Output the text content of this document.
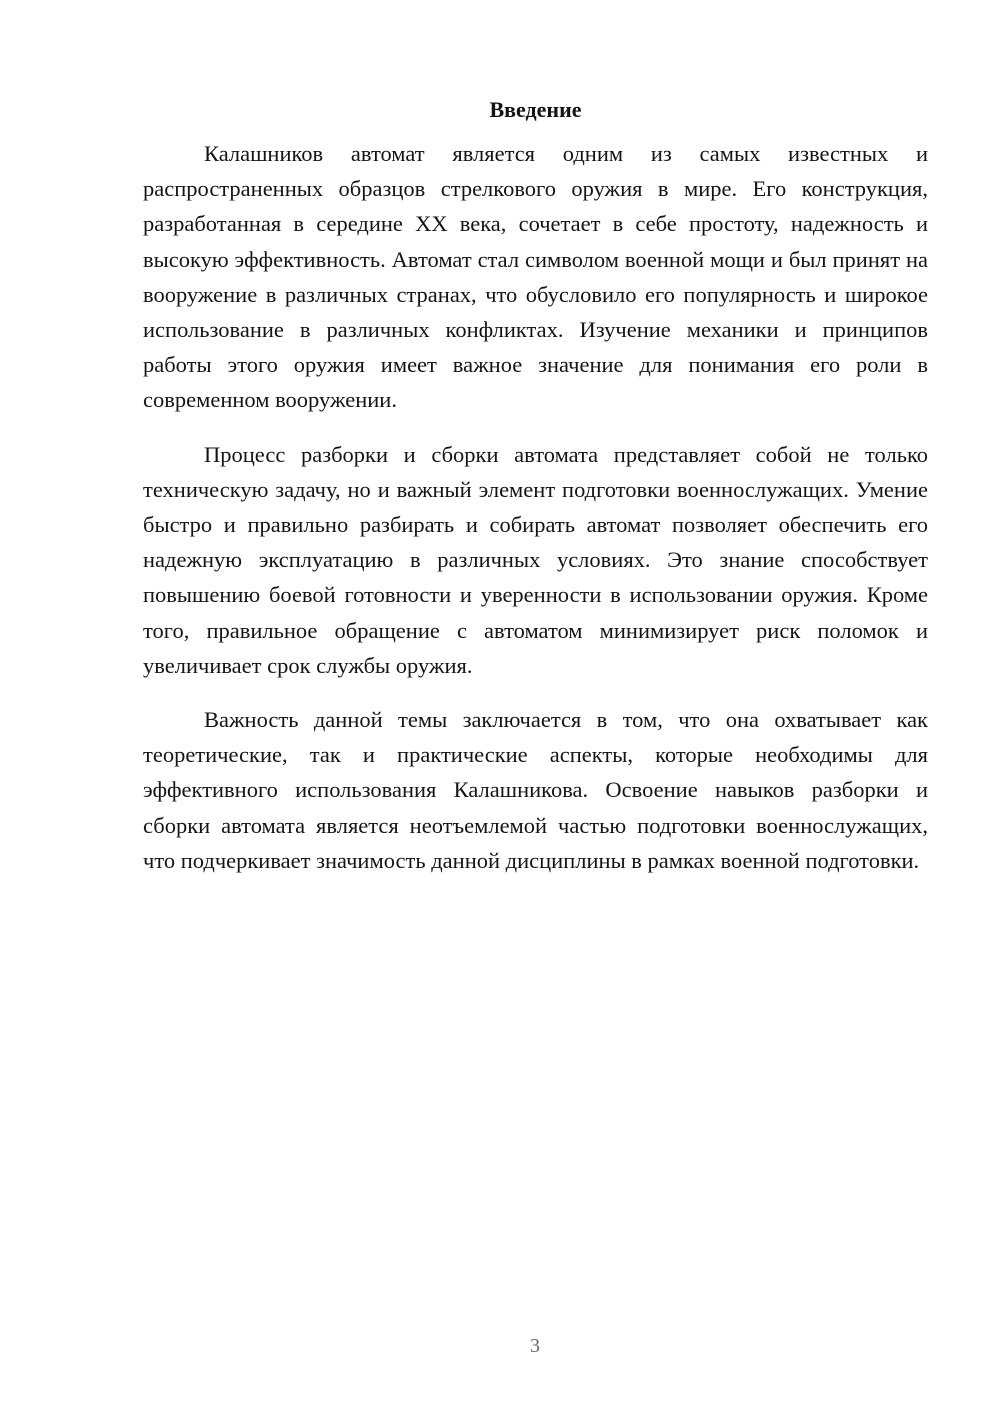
Введение

Калашников автомат является одним из самых известных и распространенных образцов стрелкового оружия в мире. Его конструкция, разработанная в середине XX века, сочетает в себе простоту, надежность и высокую эффективность. Автомат стал символом военной мощи и был принят на вооружение в различных странах, что обусловило его популярность и широкое использование в различных конфликтах. Изучение механики и принципов работы этого оружия имеет важное значение для понимания его роли в современном вооружении.

Процесс разборки и сборки автомата представляет собой не только техническую задачу, но и важный элемент подготовки военнослужащих. Умение быстро и правильно разбирать и собирать автомат позволяет обеспечить его надежную эксплуатацию в различных условиях. Это знание способствует повышению боевой готовности и уверенности в использовании оружия. Кроме того, правильное обращение с автоматом минимизирует риск поломок и увеличивает срок службы оружия.

Важность данной темы заключается в том, что она охватывает как теоретические, так и практические аспекты, которые необходимы для эффективного использования Калашникова. Освоение навыков разборки и сборки автомата является неотъемлемой частью подготовки военнослужащих, что подчеркивает значимость данной дисциплины в рамках военной подготовки.

3
